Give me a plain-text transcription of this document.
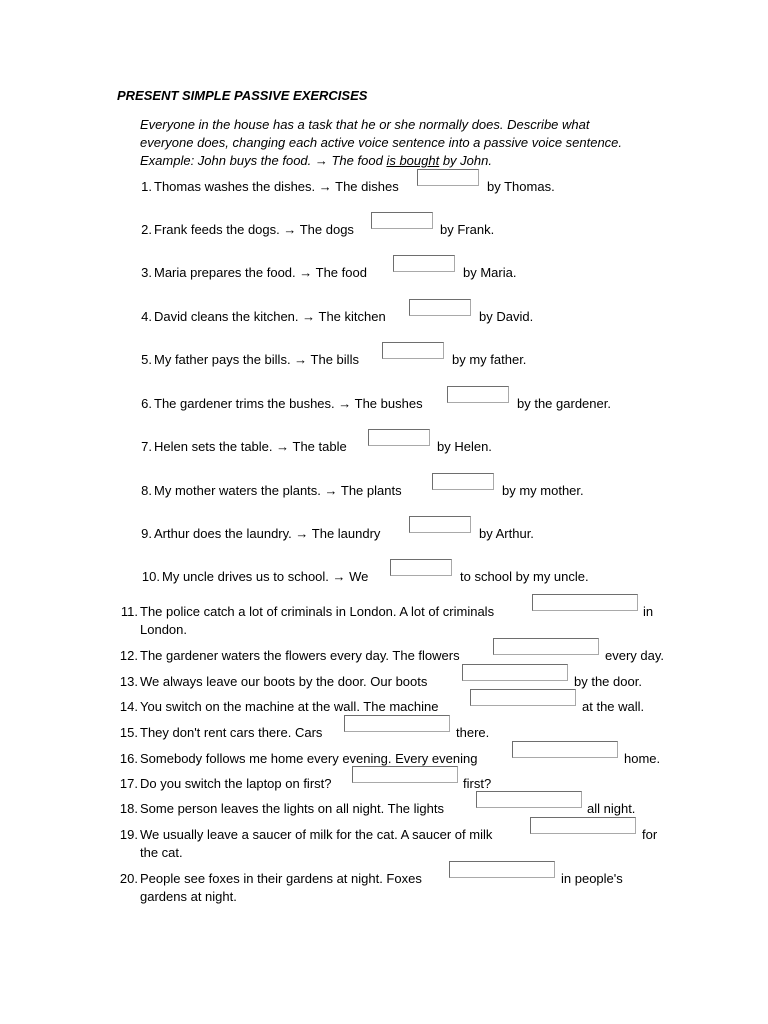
PRESENT SIMPLE PASSIVE EXERCISES
Everyone in the house has a task that he or she normally does. Describe what
everyone does, changing each active voice sentence into a passive voice sentence.
Example: John buys the food. → The food is bought by John.
1. Thomas washes the dishes. → The dishes	by Thomas.
2. Frank feeds the dogs. → The dogs	by Frank.
3. Maria prepares the food. → The food	by Maria.
4. David cleans the kitchen. → The kitchen	by David.
5. My father pays the bills. → The bills	by my father.
6. The gardener trims the bushes. → The bushes	by the gardener.
7. Helen sets the table. → The table	by Helen.
8. My mother waters the plants. → The plants	by my mother.
9. Arthur does the laundry. → The laundry	by Arthur.
10. My uncle drives us to school. → We	to school by my uncle.
11. The police catch a lot of criminals in London. A lot of criminals	in
London.
12. The gardener waters the flowers every day. The flowers	every day.
13. We always leave our boots by the door. Our boots	by the door.
14. You switch on the machine at the wall. The machine	at the wall.
15. They don't rent cars there. Cars	there.
16. Somebody follows me home every evening. Every evening	home.
17. Do you switch the laptop on first?	first?
18. Some person leaves the lights on all night. The lights	all night.
19. We usually leave a saucer of milk for the cat. A saucer of milk	for
the cat.
20. People see foxes in their gardens at night. Foxes	in people's
gardens at night.
